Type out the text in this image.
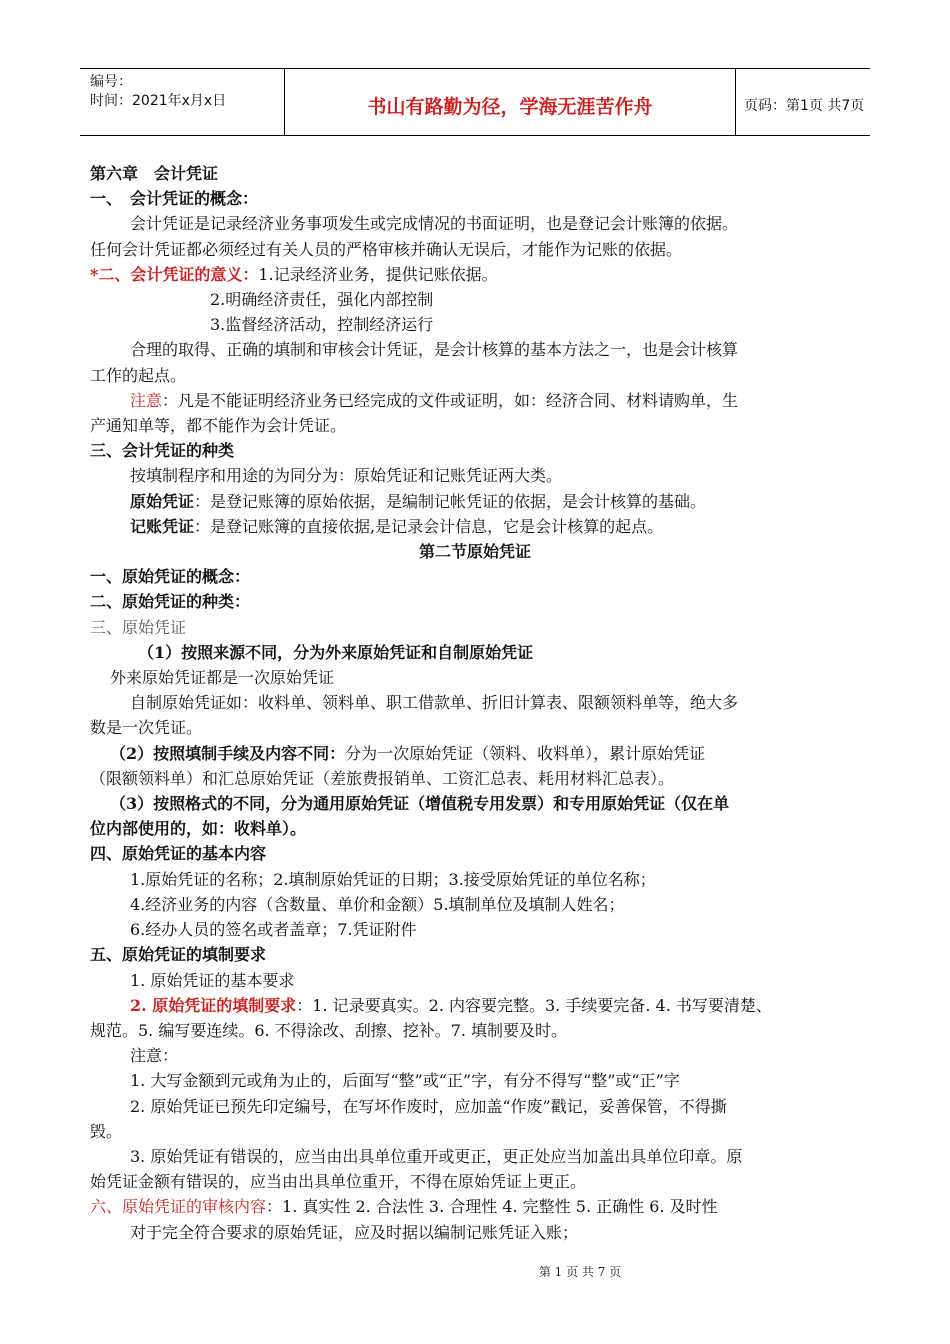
编号：
时间：2021年x月x日	书山有路勤为径，学海无涯苦作舟	页码：第1页 共7页

第六章　会计凭证

一、　会计凭证的概念：

会计凭证是记录经济业务事项发生或完成情况的书面证明，也是登记会计账簿的依据。

任何会计凭证都必须经过有关人员的严格审核并确认无误后，才能作为记账的依据。

*二、会计凭证的意义：1.记录经济业务，提供记账依据。

2.明确经济责任，强化内部控制

3.监督经济活动，控制经济运行

合理的取得、正确的填制和审核会计凭证，是会计核算的基本方法之一，也是会计核算

工作的起点。

注意：凡是不能证明经济业务已经完成的文件或证明，如：经济合同、材料请购单，生

产通知单等，都不能作为会计凭证。

三、会计凭证的种类

按填制程序和用途的为同分为：原始凭证和记账凭证两大类。

原始凭证：是登记账簿的原始依据，是编制记帐凭证的依据，是会计核算的基础。

记账凭证：是登记账簿的直接依据,是记录会计信息，它是会计核算的起点。

第二节原始凭证

一、原始凭证的概念：

二、原始凭证的种类：

三、原始凭证

（1）按照来源不同，分为外来原始凭证和自制原始凭证

外来原始凭证都是一次原始凭证

自制原始凭证如：收料单、领料单、职工借款单、折旧计算表、限额领料单等，绝大多

数是一次凭证。

（2）按照填制手续及内容不同：分为一次原始凭证（领料、收料单），累计原始凭证

（限额领料单）和汇总原始凭证（差旅费报销单、工资汇总表、耗用材料汇总表）。

（3）按照格式的不同，分为通用原始凭证（增值税专用发票）和专用原始凭证（仅在单

位内部使用的，如：收料单）。

四、原始凭证的基本内容

1.原始凭证的名称；2.填制原始凭证的日期；3.接受原始凭证的单位名称；

4.经济业务的内容（含数量、单价和金额）5.填制单位及填制人姓名；

6.经办人员的签名或者盖章；7.凭证附件

五、原始凭证的填制要求

1. 原始凭证的基本要求

2. 原始凭证的填制要求：1. 记录要真实。2. 内容要完整。3. 手续要完备. 4. 书写要清楚、

规范。5. 编写要连续。6. 不得涂改、刮擦、挖补。7. 填制要及时。

注意：

1. 大写金额到元或角为止的，后面写“整”或“正”字，有分不得写“整”或“正”字

2. 原始凭证已预先印定编号，在写坏作废时，应加盖“作废”戳记，妥善保管，不得撕

毁。

3. 原始凭证有错误的，应当由出具单位重开或更正，更正处应当加盖出具单位印章。原

始凭证金额有错误的，应当由出具单位重开，不得在原始凭证上更正。

六、原始凭证的审核内容：1. 真实性 2. 合法性 3. 合理性 4. 完整性 5. 正确性 6. 及时性

对于完全符合要求的原始凭证，应及时据以编制记账凭证入账；

第 1 页 共 7 页
